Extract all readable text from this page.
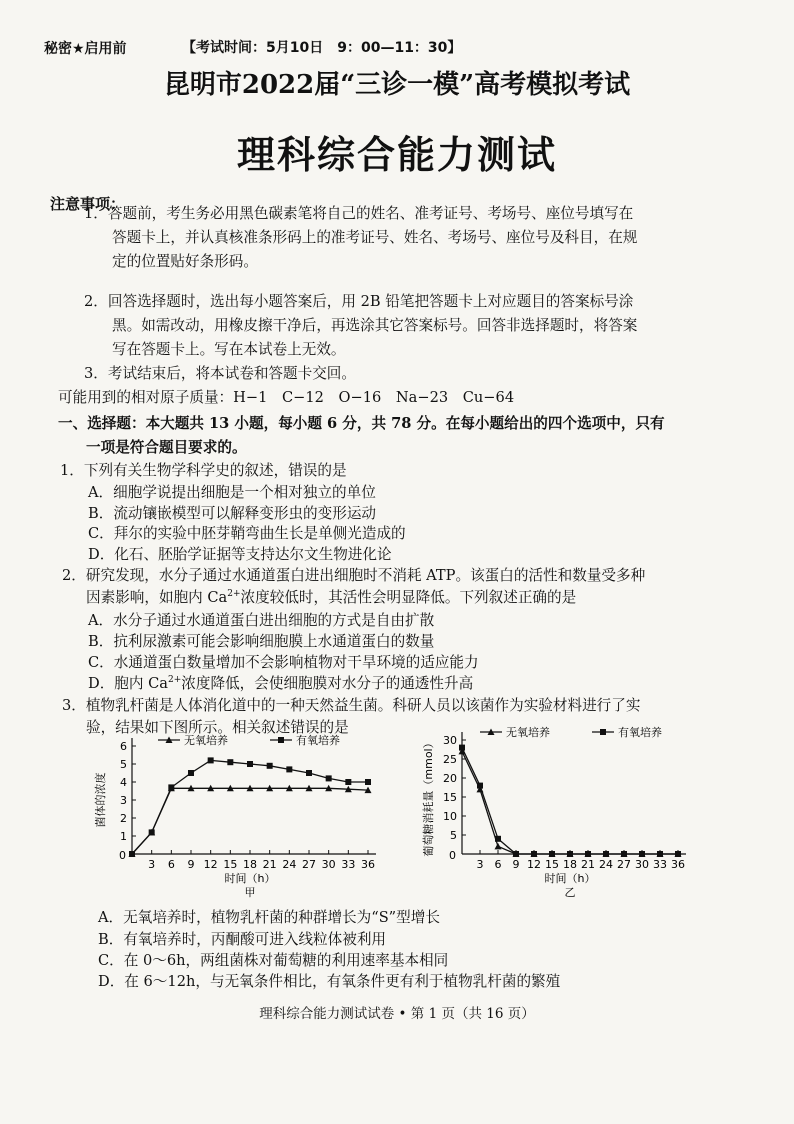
秘密★启用前	【考试时间：5月10日　9：00—11：30】
昆明市2022届“三诊一模”高考模拟考试
理科综合能力测试
注意事项：
1．答题前，考生务必用黑色碳素笔将自己的姓名、准考证号、考场号、座位号填写在
答题卡上，并认真核准条形码上的准考证号、姓名、考场号、座位号及科目，在规
定的位置贴好条形码。
2．回答选择题时，选出每小题答案后，用 2B 铅笔把答题卡上对应题目的答案标号涂
黑。如需改动，用橡皮擦干净后，再选涂其它答案标号。回答非选择题时，将答案
写在答题卡上。写在本试卷上无效。
3．考试结束后，将本试卷和答题卡交回。
可能用到的相对原子质量：H−1　C−12　O−16　Na−23　Cu−64
一、选择题：本大题共 13 小题，每小题 6 分，共 78 分。在每小题给出的四个选项中，只有
一项是符合题目要求的。
1．下列有关生物学科学史的叙述，错误的是
A．细胞学说提出细胞是一个相对独立的单位
B．流动镶嵌模型可以解释变形虫的变形运动
C．拜尔的实验中胚芽鞘弯曲生长是单侧光造成的
D．化石、胚胎学证据等支持达尔文生物进化论
2．研究发现，水分子通过水通道蛋白进出细胞时不消耗 ATP。该蛋白的活性和数量受多种
因素影响，如胞内 $Ca^{2+}$浓度较低时，其活性会明显降低。下列叙述正确的是
A．水分子通过水通道蛋白进出细胞的方式是自由扩散
B．抗利尿激素可能会影响细胞膜上水通道蛋白的数量
C．水通道蛋白数量增加不会影响植物对干旱环境的适应能力
D．胞内 $Ca^{2+}$浓度降低，会使细胞膜对水分子的通透性升高
3．植物乳杆菌是人体消化道中的一种天然益生菌。科研人员以该菌作为实验材料进行了实
验，结果如下图所示。相关叙述错误的是
1
2
3
4
5
6
0
3 6 9 12 15 18 21 24 27 30 33 36
时间（h）
菌体的浓度
甲
无氧培养	有氧培养
5
10
15
20
25
30
0
3 6 9 12 15 18 21 24 27 30 33 36
时间（h）
葡萄糖消耗量（mmol）
乙
无氧培养	有氧培养
A．无氧培养时，植物乳杆菌的种群增长为“S”型增长
B．有氧培养时，丙酮酸可进入线粒体被利用
C．在 0～6h，两组菌株对葡萄糖的利用速率基本相同
D．在 6～12h，与无氧条件相比，有氧条件更有利于植物乳杆菌的繁殖
理科综合能力测试试卷 • 第 1 页（共 16 页）
